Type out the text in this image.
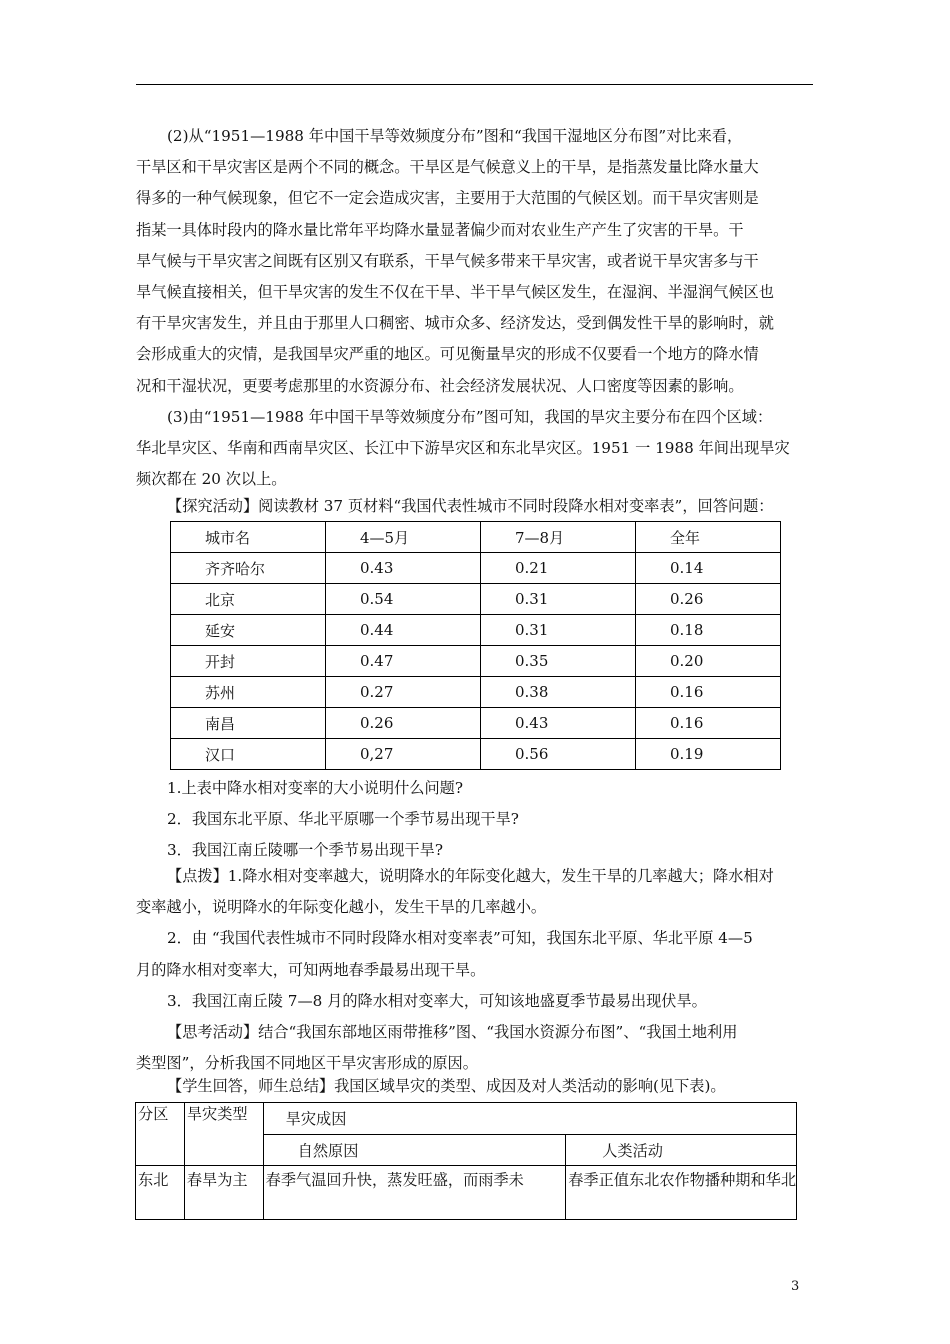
(2)从“1951—1988 年中国干旱等效频度分布”图和“我国干湿地区分布图”对比来看，
干旱区和干旱灾害区是两个不同的概念。干旱区是气候意义上的干旱，是指蒸发量比降水量大
得多的一种气候现象，但它不一定会造成灾害，主要用于大范围的气候区划。而干旱灾害则是
指某一具体时段内的降水量比常年平均降水量显著偏少而对农业生产产生了灾害的干旱。干
旱气候与干旱灾害之间既有区别又有联系，干旱气候多带来干旱灾害，或者说干旱灾害多与干
旱气候直接相关，但干旱灾害的发生不仅在干旱、半干旱气候区发生，在湿润、半湿润气候区也
有干旱灾害发生，并且由于那里人口稠密、城市众多、经济发达，受到偶发性干旱的影响时，就
会形成重大的灾情，是我国旱灾严重的地区。可见衡量旱灾的形成不仅要看一个地方的降水情
况和干湿状况，更要考虑那里的水资源分布、社会经济发展状况、人口密度等因素的影响。
(3)由“1951—1988 年中国干旱等效频度分布”图可知，我国的旱灾主要分布在四个区域：
华北旱灾区、华南和西南旱灾区、长江中下游旱灾区和东北旱灾区。1951 一 1988 年间出现旱灾
频次都在 20 次以上。
【探究活动】阅读教材 37 页材料“我国代表性城市不同时段降水相对变率表”，回答问题：
城市名	4—5月	7—8月	全年
齐齐哈尔	0.43	0.21	0.14
北京	0.54	0.31	0.26
延安	0.44	0.31	0.18
开封	0.47	0.35	0.20
苏州	0.27	0.38	0.16
南昌	0.26	0.43	0.16
汉口	0,27	0.56	0.19
1.上表中降水相对变率的大小说明什么问题?
2．我国东北平原、华北平原哪一个季节易出现干旱?
3．我国江南丘陵哪一个季节易出现干旱?
【点拨】1.降水相对变率越大，说明降水的年际变化越大，发生干旱的几率越大；降水相对
变率越小，说明降水的年际变化越小，发生干旱的几率越小。
2．由 “我国代表性城市不同时段降水相对变率表”可知，我国东北平原、华北平原 4—5
月的降水相对变率大，可知两地春季最易出现干旱。
3．我国江南丘陵 7—8 月的降水相对变率大，可知该地盛夏季节最易出现伏旱。
【思考活动】结合“我国东部地区雨带推移”图、“我国水资源分布图”、“我国土地利用
类型图”，分析我国不同地区干旱灾害形成的原因。
【学生回答，师生总结】我国区域旱灾的类型、成因及对人类活动的影响(见下表)。
分区	旱灾类型	旱灾成因	
		自然原因	人类活动
东北	春旱为主	春季气温回升快，蒸发旺盛，而雨季未	春季正值东北农作物播种期和华北
3
